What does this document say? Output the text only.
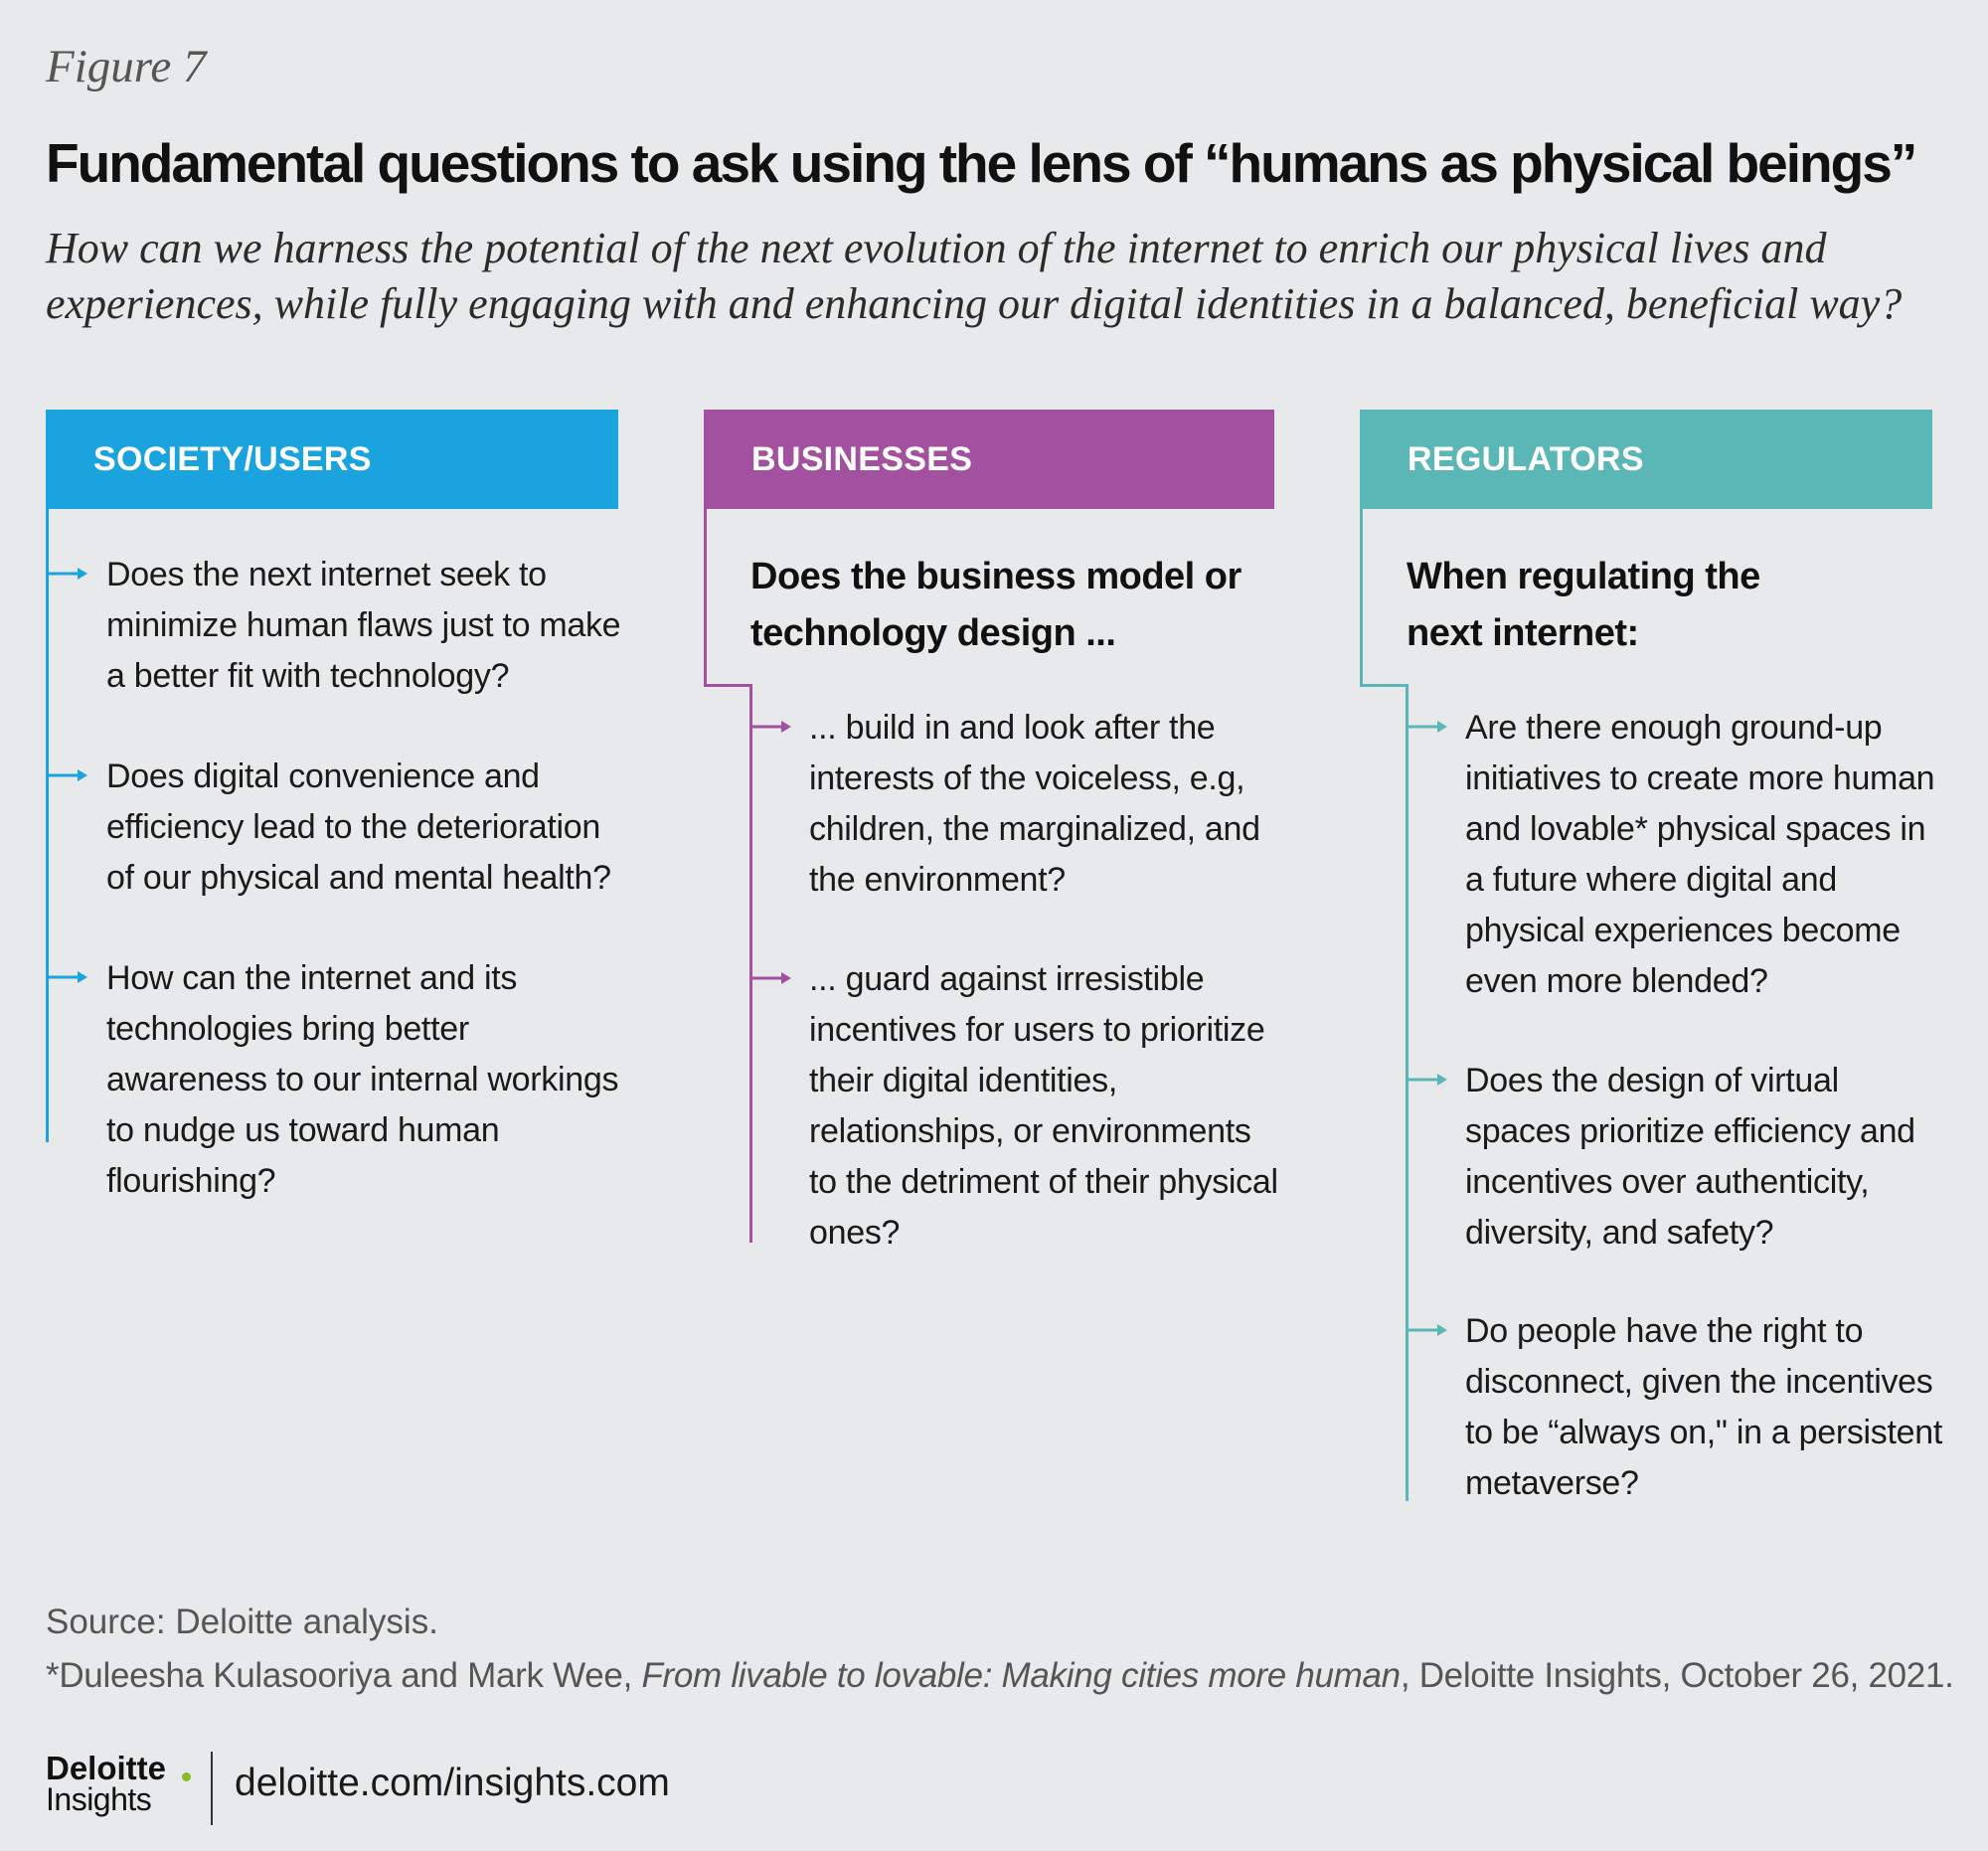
Figure 7
Fundamental questions to ask using the lens of “humans as physical beings”
How can we harness the potential of the next evolution of the internet to enrich our physical lives and experiences, while fully engaging with and enhancing our digital identities in a balanced, beneficial way?
SOCIETY/USERS
Does the next internet seek to minimize human flaws just to make a better fit with technology?
Does digital convenience and efficiency lead to the deterioration of our physical and mental health?
How can the internet and its technologies bring better awareness to our internal workings to nudge us toward human flourishing?
BUSINESSES
Does the business model or technology design ...
... build in and look after the interests of the voiceless, e.g, children, the marginalized, and the environment?
... guard against irresistible incentives for users to prioritize their digital identities, relationships, or environments to the detriment of their physical ones?
REGULATORS
When regulating the next internet:
Are there enough ground-up initiatives to create more human and lovable* physical spaces in a future where digital and physical experiences become even more blended?
Does the design of virtual spaces prioritize efficiency and incentives over authenticity, diversity, and safety?
Do people have the right to disconnect, given the incentives to be “always on," in a persistent metaverse?
Source: Deloitte analysis.
*Duleesha Kulasooriya and Mark Wee, From livable to lovable: Making cities more human, Deloitte Insights, October 26, 2021.
Deloitte
Insights deloitte.com/insights.com
